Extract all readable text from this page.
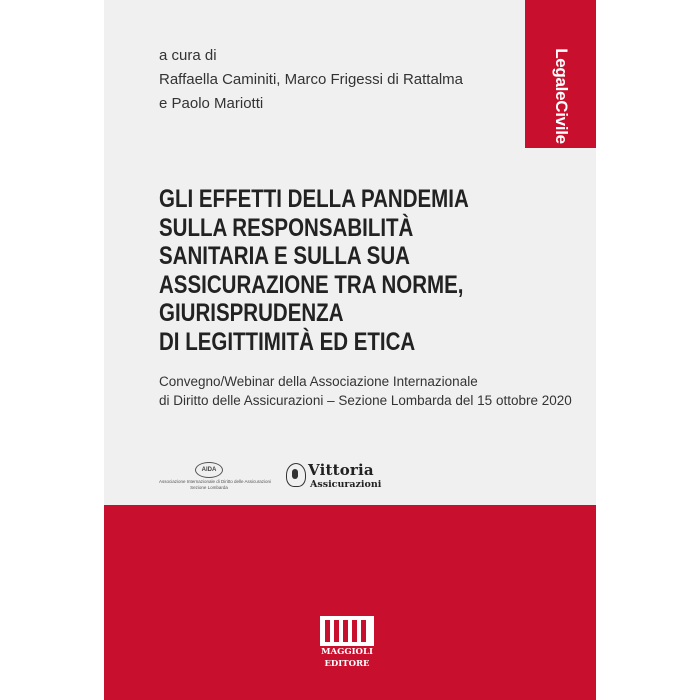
LegaleCivile
a cura di
Raffaella Caminiti, Marco Frigessi di Rattalma
e Paolo Mariotti
GLI EFFETTI DELLA PANDEMIA
SULLA RESPONSABILITÀ
SANITARIA E SULLA SUA
ASSICURAZIONE TRA NORME,
GIURISPRUDENZA
DI LEGITTIMITÀ ED ETICA
Convegno/Webinar della Associazione Internazionale
di Diritto delle Assicurazioni – Sezione Lombarda del 15 ottobre 2020
AIDA
Associazione Internazionale di Diritto delle Assicurazioni
Sezione Lombarda
Vittoria
Assicurazioni
MAGGIOLI
EDITORE
